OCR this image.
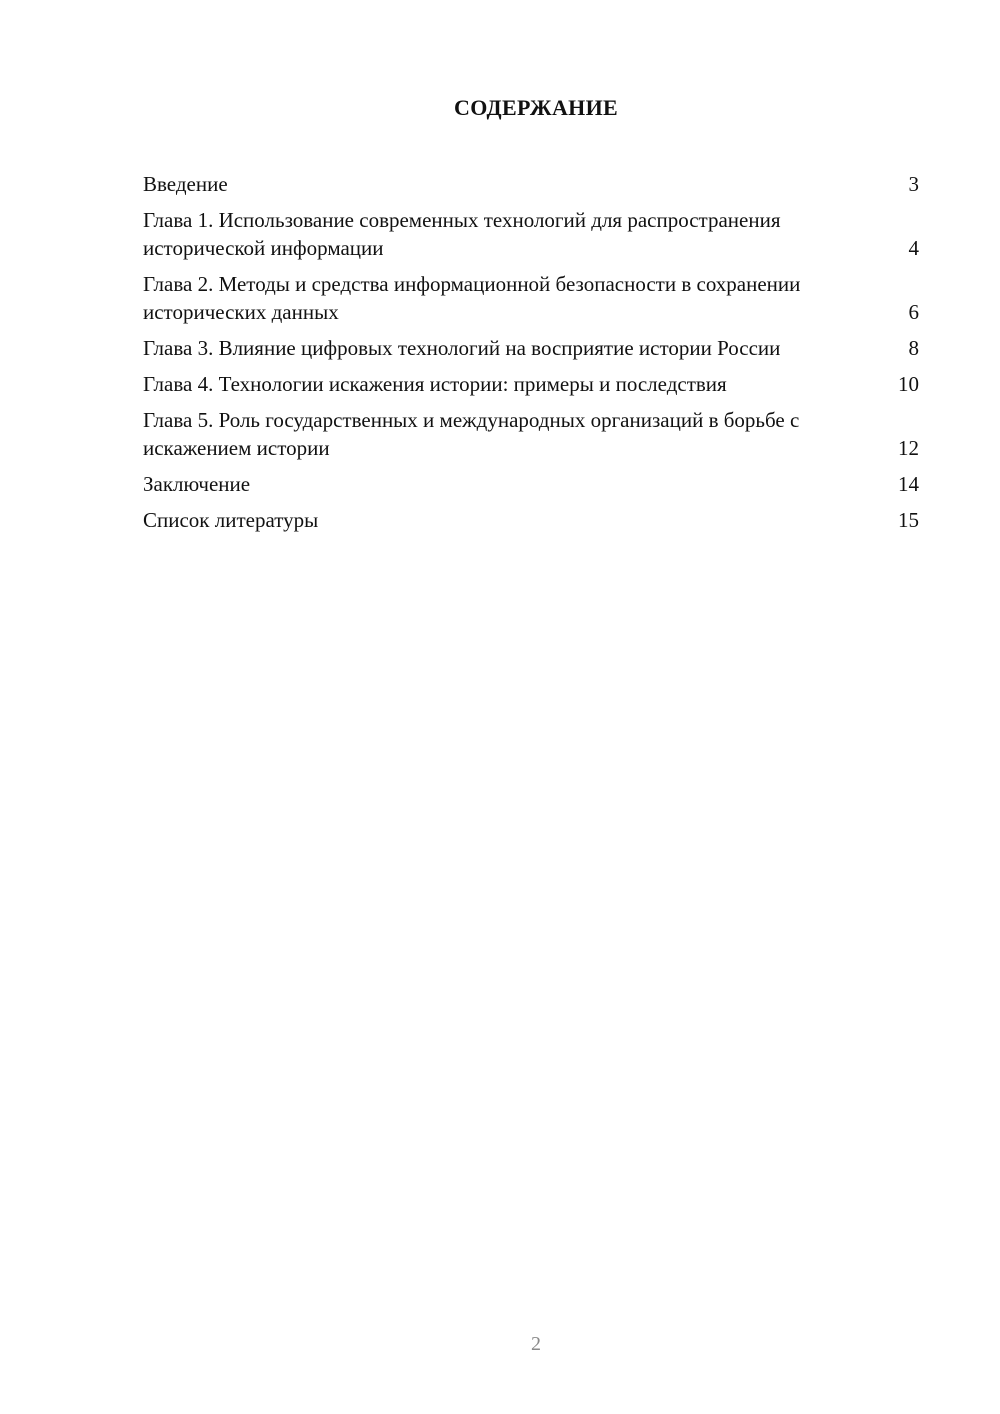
СОДЕРЖАНИЕ
Введение	3
Глава 1. Использование современных технологий для распространения исторической информации	4
Глава 2. Методы и средства информационной безопасности в сохранении исторических данных	6
Глава 3. Влияние цифровых технологий на восприятие истории России	8
Глава 4. Технологии искажения истории: примеры и последствия	10
Глава 5. Роль государственных и международных организаций в борьбе с искажением истории	12
Заключение	14
Список литературы	15
2
